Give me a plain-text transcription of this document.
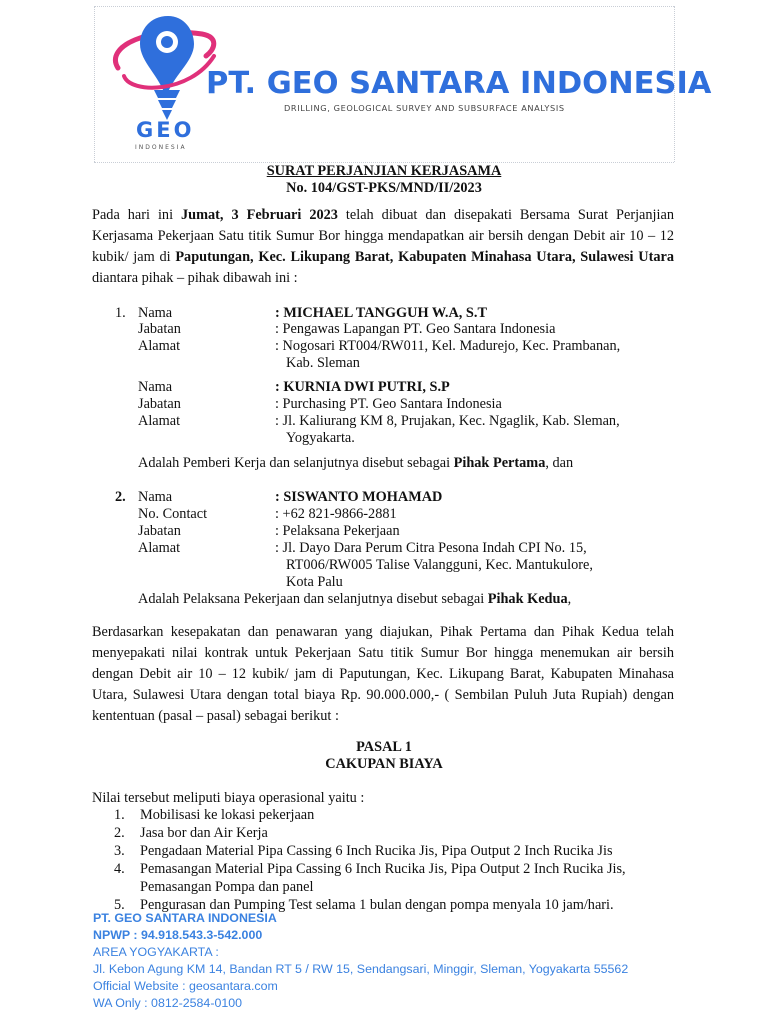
GEO
INDONESIA
PT. GEO SANTARA INDONESIA
DRILLING, GEOLOGICAL SURVEY AND SUBSURFACE ANALYSIS
SURAT PERJANJIAN KERJASAMA
No. 104/GST-PKS/MND/II/2023
Pada hari ini Jumat, 3 Februari 2023 telah dibuat dan disepakati Bersama Surat Perjanjian Kerjasama Pekerjaan Satu titik Sumur Bor hingga mendapatkan air bersih dengan Debit air 10 – 12 kubik/ jam di Paputungan, Kec. Likupang Barat, Kabupaten Minahasa Utara, Sulawesi Utara diantara pihak – pihak dibawah ini :
1. Nama	: MICHAEL TANGGUH W.A, S.T
Jabatan	: Pengawas Lapangan PT. Geo Santara Indonesia
Alamat	: Nogosari RT004/RW011, Kel. Madurejo, Kec. Prambanan,
Kab. Sleman
Nama	: KURNIA DWI PUTRI, S.P
Jabatan	: Purchasing PT. Geo Santara Indonesia
Alamat	: Jl. Kaliurang KM 8, Prujakan, Kec. Ngaglik, Kab. Sleman,
Yogyakarta.
Adalah Pemberi Kerja dan selanjutnya disebut sebagai Pihak Pertama, dan
2. Nama	: SISWANTO MOHAMAD
No. Contact	: +62 821-9866-2881
Jabatan	: Pelaksana Pekerjaan
Alamat	: Jl. Dayo Dara Perum Citra Pesona Indah CPI No. 15,
RT006/RW005 Talise Valangguni, Kec. Mantukulore,
Kota Palu
Adalah Pelaksana Pekerjaan dan selanjutnya disebut sebagai Pihak Kedua,
Berdasarkan kesepakatan dan penawaran yang diajukan, Pihak Pertama dan Pihak Kedua telah menyepakati nilai kontrak untuk Pekerjaan Satu titik Sumur Bor hingga menemukan air bersih dengan Debit air 10 – 12 kubik/ jam di Paputungan, Kec. Likupang Barat, Kabupaten Minahasa Utara, Sulawesi Utara dengan total biaya Rp. 90.000.000,- ( Sembilan Puluh Juta Rupiah) dengan kententuan (pasal – pasal) sebagai berikut :
PASAL 1
CAKUPAN BIAYA
Nilai tersebut meliputi biaya operasional yaitu :
1. Mobilisasi ke lokasi pekerjaan
2. Jasa bor dan Air Kerja
3. Pengadaan Material Pipa Cassing 6 Inch Rucika Jis, Pipa Output 2 Inch Rucika Jis
4. Pemasangan Material Pipa Cassing 6 Inch Rucika Jis, Pipa Output 2 Inch Rucika Jis, Pemasangan Pompa dan panel
5. Pengurasan dan Pumping Test selama 1 bulan dengan pompa menyala 10 jam/hari.
PT. GEO SANTARA INDONESIA
NPWP : 94.918.543.3-542.000
AREA YOGYAKARTA :
Jl. Kebon Agung KM 14, Bandan RT 5 / RW 15, Sendangsari, Minggir, Sleman, Yogyakarta 55562
Official Website : geosantara.com
WA Only : 0812-2584-0100
